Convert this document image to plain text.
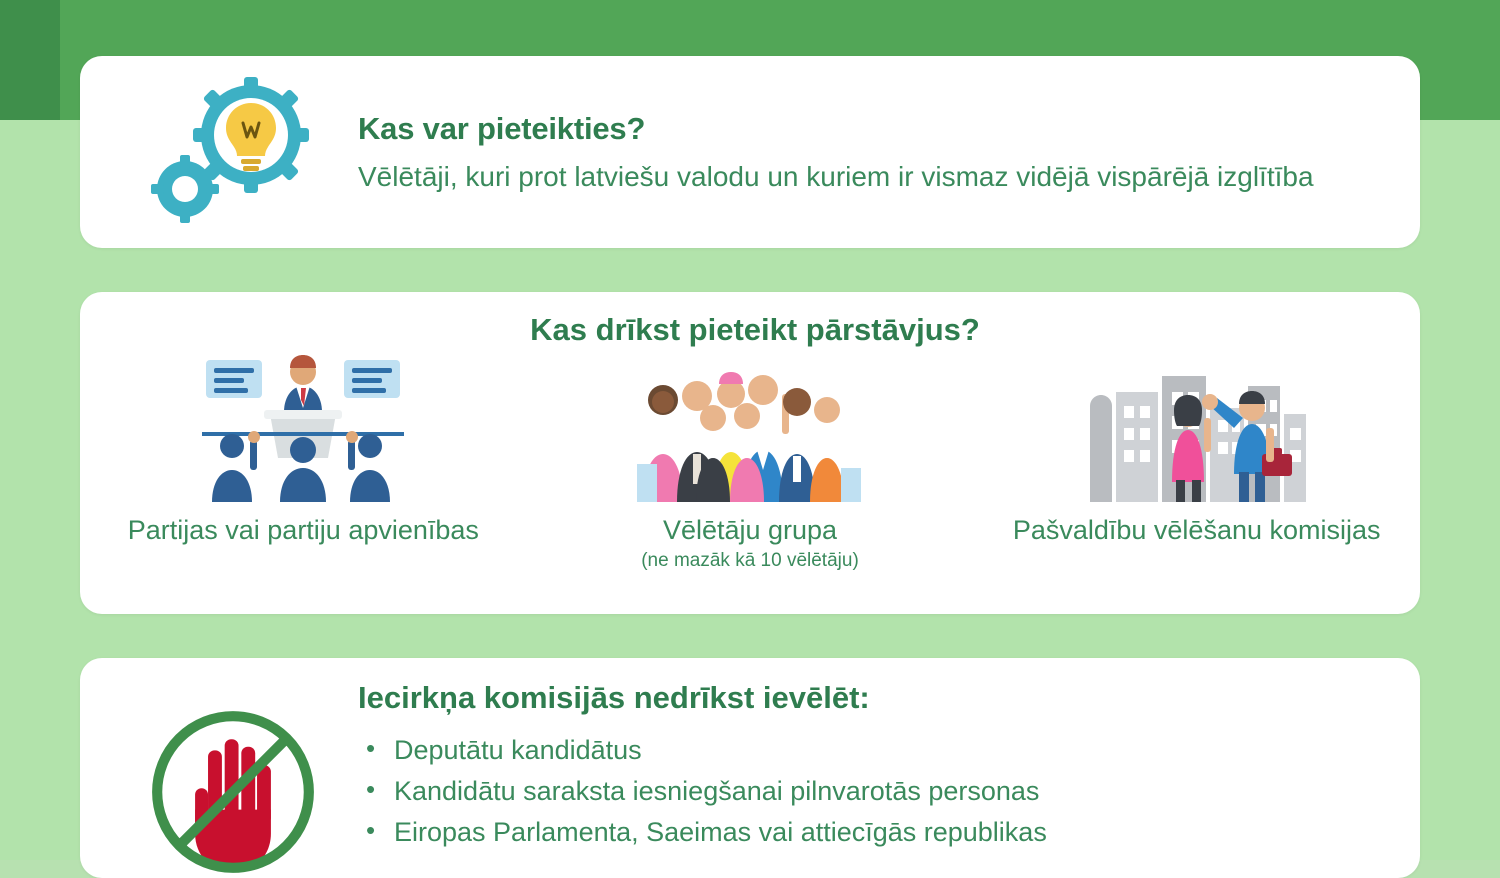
Kas var pieteikties?
Vēlētāji, kuri prot latviešu valodu un kuriem ir vismaz vidējā vispārējā izglītība
Kas drīkst pieteikt pārstāvjus?
Partijas vai partiju apvienības	Vēlētāju grupa
(ne mazāk kā 10 vēlētāju)
Pašvaldību vēlēšanu komisijas
Iecirkņa komisijās nedrīkst ievēlēt:
• Deputātu kandidātus
• Kandidātu saraksta iesniegšanai pilnvarotās personas
• Eiropas Parlamenta, Saeimas vai attiecīgās republikas
